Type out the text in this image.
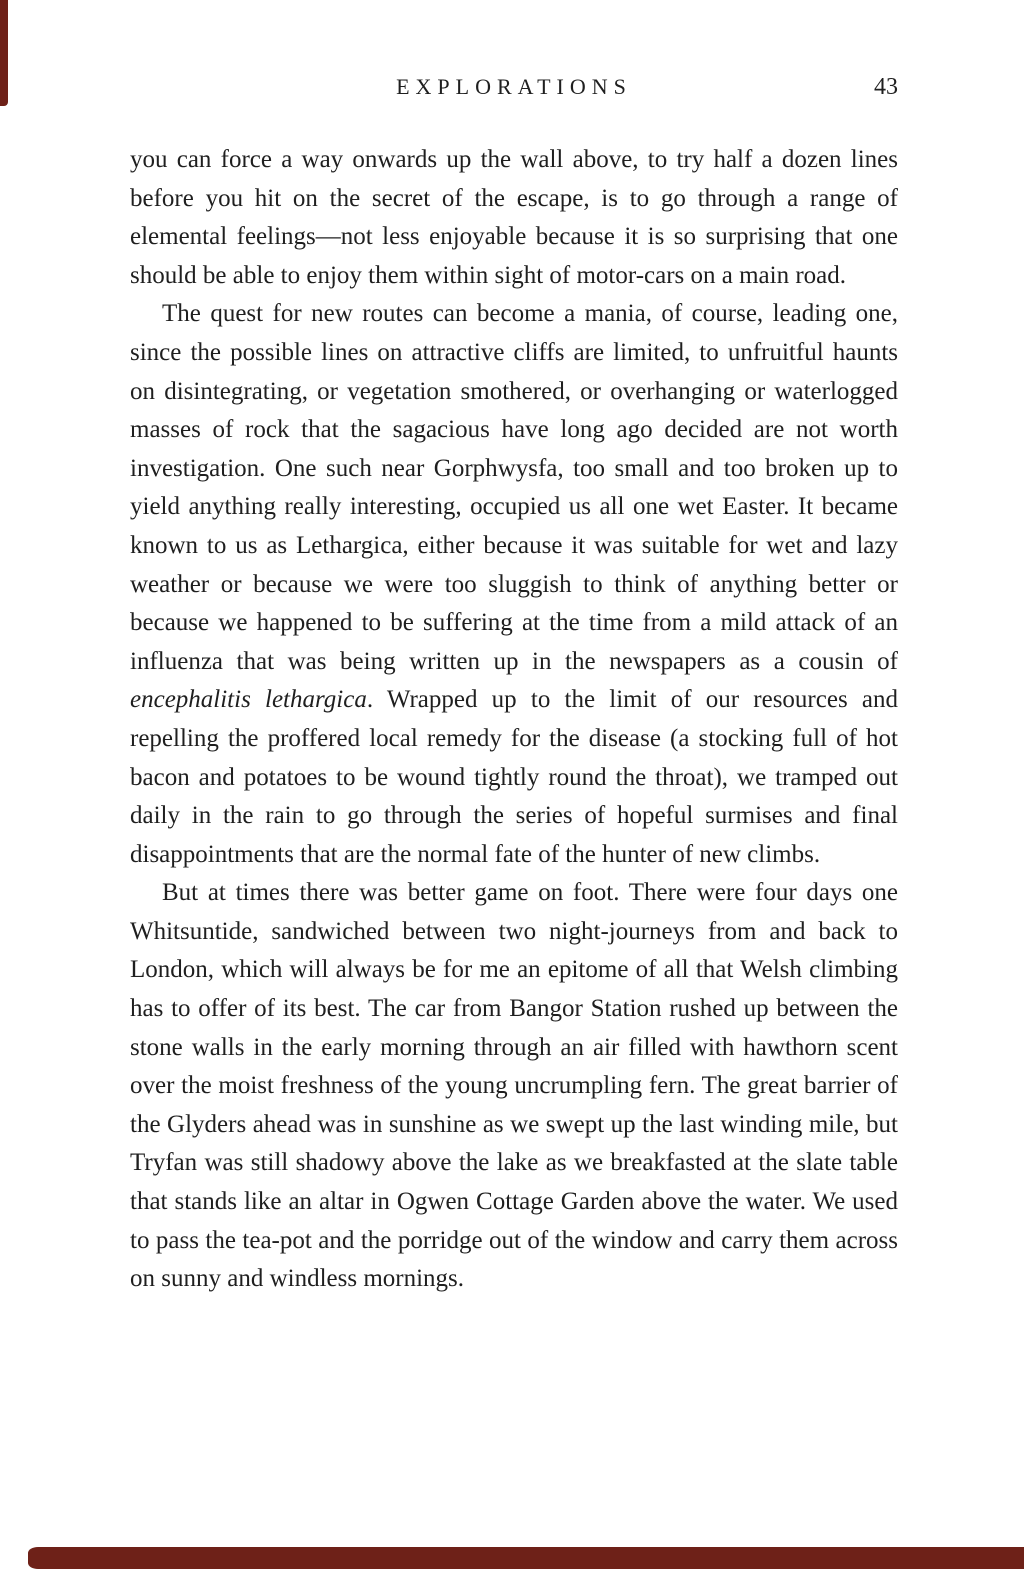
EXPLORATIONS	43

you can force a way onwards up the wall above, to try half a dozen lines before you hit on the secret of the escape, is to go through a range of elemental feelings—not less enjoyable because it is so surprising that one should be able to enjoy them within sight of motor-cars on a main road.

The quest for new routes can become a mania, of course, leading one, since the possible lines on attractive cliffs are limited, to unfruitful haunts on disintegrating, or vegetation smothered, or overhanging or waterlogged masses of rock that the sagacious have long ago decided are not worth investigation. One such near Gorphwysfa, too small and too broken up to yield anything really interesting, occupied us all one wet Easter. It became known to us as Lethargica, either because it was suitable for wet and lazy weather or because we were too sluggish to think of anything better or because we happened to be suffering at the time from a mild attack of an influenza that was being written up in the newspapers as a cousin of encephalitis lethargica. Wrapped up to the limit of our resources and repelling the proffered local remedy for the disease (a stocking full of hot bacon and potatoes to be wound tightly round the throat), we tramped out daily in the rain to go through the series of hopeful surmises and final disappointments that are the normal fate of the hunter of new climbs.

But at times there was better game on foot. There were four days one Whitsuntide, sandwiched between two night-journeys from and back to London, which will always be for me an epitome of all that Welsh climbing has to offer of its best. The car from Bangor Station rushed up between the stone walls in the early morning through an air filled with hawthorn scent over the moist freshness of the young uncrumpling fern. The great barrier of the Glyders ahead was in sunshine as we swept up the last winding mile, but Tryfan was still shadowy above the lake as we breakfasted at the slate table that stands like an altar in Ogwen Cottage Garden above the water. We used to pass the tea-pot and the porridge out of the window and carry them across on sunny and windless mornings.
